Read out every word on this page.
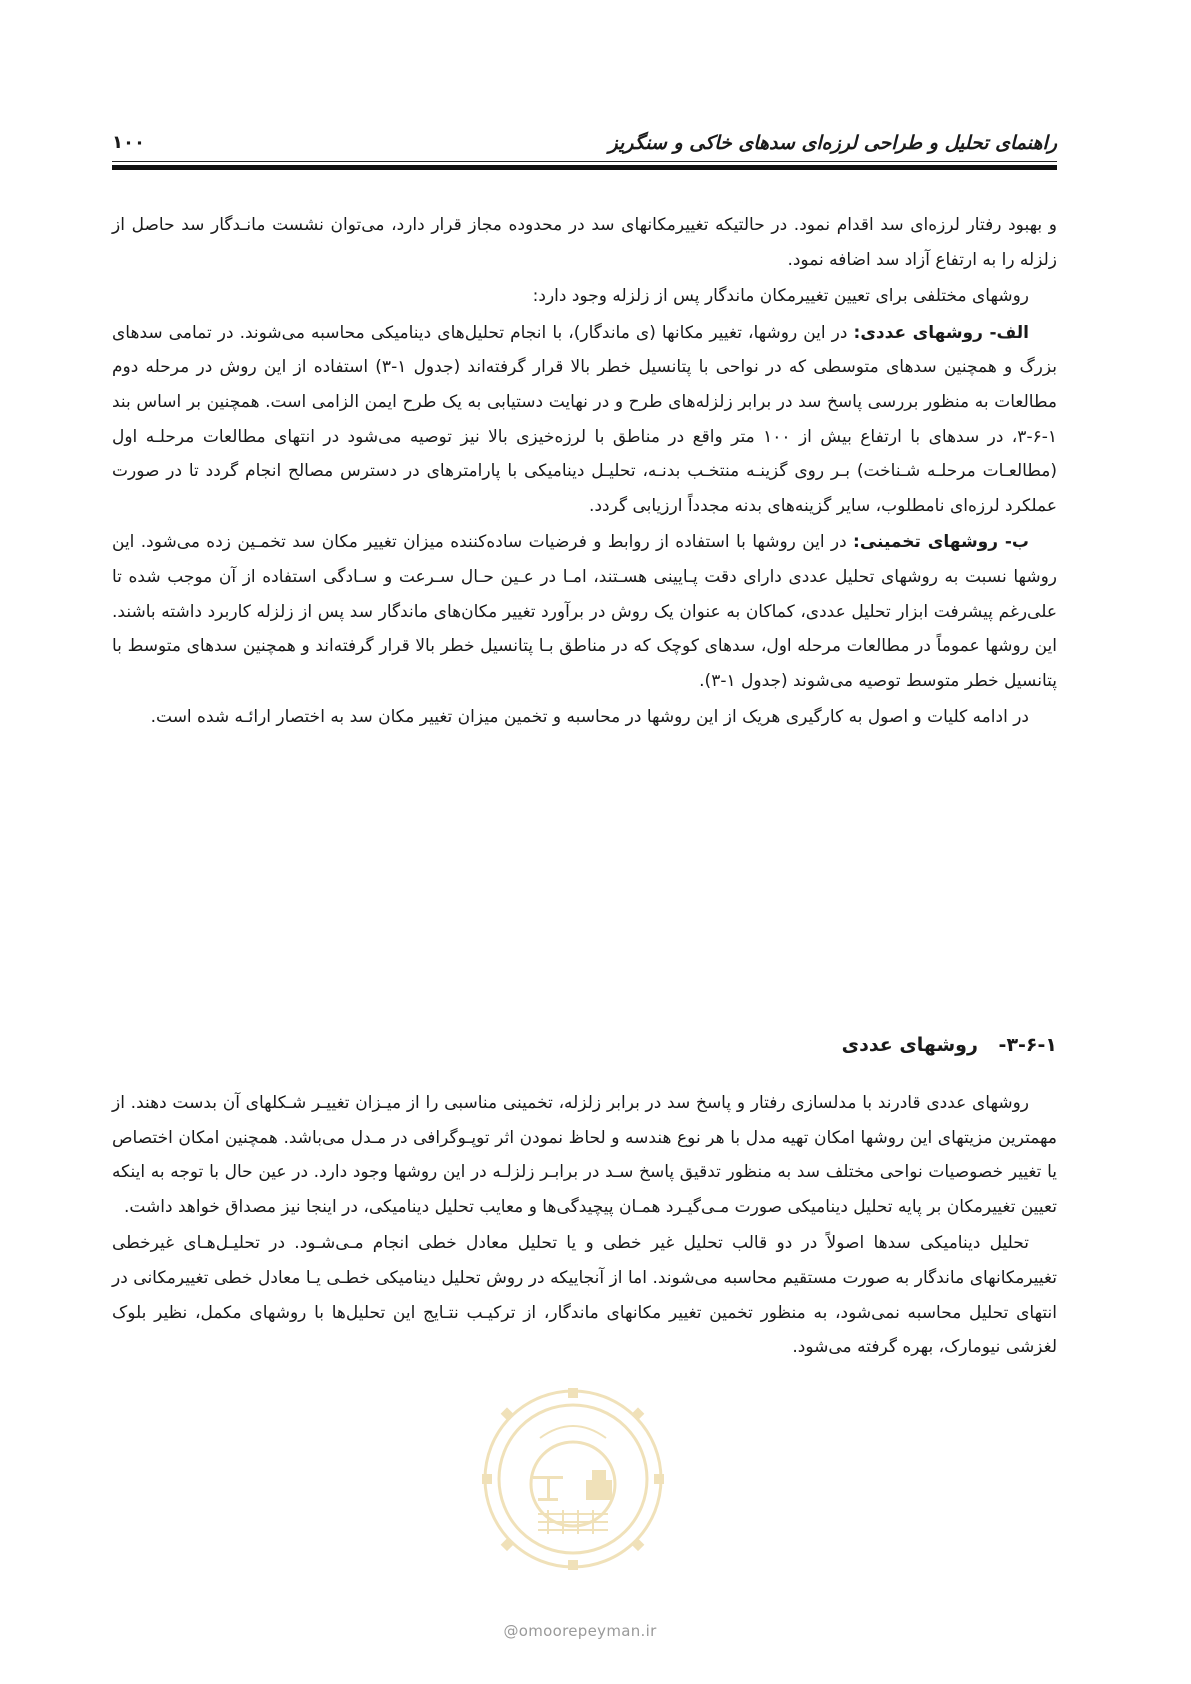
راهنمای تحلیل و طراحی لرزه‌ای سدهای خاکی و سنگریز
۱۰۰

و بهبود رفتار لرزه‌ای سد اقدام نمود. در حالتیکه تغییرمکانهای سد در محدوده مجاز قرار دارد، می‌توان نشست مانـدگار سد حاصل از زلزله را به ارتفاع آزاد سد اضافه نمود.

روشهای مختلفی برای تعیین تغییرمکان ماندگار پس از زلزله وجود دارد:

الف- روشهای عددی: در این روشها، تغییر مکانها (ی ماندگار)، با انجام تحلیل‌های دینامیکی محاسبه می‌شوند. در تمامی سدهای بزرگ و همچنین سدهای متوسطی که در نواحی با پتانسیل خطر بالا قرار گرفته‌اند (جدول ۱-۳) استفاده از این روش در مرحله دوم مطالعات به منظور بررسی پاسخ سد در برابر زلزله‌های طرح و در نهایت دستیابی به یک طرح ایمن الزامی است. همچنین بر اساس بند ۱-۶-۳، در سدهای با ارتفاع بیش از ۱۰۰ متر واقع در مناطق با لرزه‌خیزی بالا نیز توصیه می‌شود در انتهای مطالعات مرحلـه اول (مطالعـات مرحلـه شـناخت) بـر روی گزینـه منتخـب بدنـه، تحلیـل دینامیکی با پارامترهای در دسترس مصالح انجام گردد تا در صورت عملکرد لرزه‌ای نامطلوب، سایر گزینه‌های بدنه مجدداً ارزیابی گردد.

ب- روشهای تخمینی: در این روشها با استفاده از روابط و فرضیات ساده‌کننده میزان تغییر مکان سد تخمـین زده می‌شود. این روشها نسبت به روشهای تحلیل عددی دارای دقت پـایینی هسـتند، امـا در عـین حـال سـرعت و سـادگی استفاده از آن موجب شده تا علی‌رغم پیشرفت ابزار تحلیل عددی، کماکان به عنوان یک روش در برآورد تغییر مکان‌های ماندگار سد پس از زلزله کاربرد داشته باشند. این روشها عموماً در مطالعات مرحله اول، سدهای کوچک که در مناطق بـا پتانسیل خطر بالا قرار گرفته‌اند و همچنین سدهای متوسط با پتانسیل خطر متوسط توصیه می‌شوند (جدول ۱-۳).

در ادامه کلیات و اصول به کارگیری هریک از این روشها در محاسبه و تخمین میزان تغییر مکان سد به اختصار ارائـه شده است.

۳-۶-۱- روشهای عددی

روشهای عددی قادرند با مدلسازی رفتار و پاسخ سد در برابر زلزله، تخمینی مناسبی را از میـزان تغییـر شـکلهای آن بدست دهند. از مهمترین مزیتهای این روشها امکان تهیه مدل با هر نوع هندسه و لحاظ نمودن اثر توپـوگرافی در مـدل می‌باشد. همچنین امکان اختصاص یا تغییر خصوصیات نواحی مختلف سد به منظور تدقیق پاسخ سـد در برابـر زلزلـه در این روشها وجود دارد. در عین حال با توجه به اینکه تعیین تغییرمکان بر پایه تحلیل دینامیکی صورت مـی‌گیـرد همـان پیچیدگی‌ها و معایب تحلیل دینامیکی، در اینجا نیز مصداق خواهد داشت.

تحلیل دینامیکی سدها اصولاً در دو قالب تحلیل غیر خطی و یا تحلیل معادل خطی انجام مـی‌شـود. در تحلیـل‌هـای غیرخطی تغییرمکانهای ماندگار به صورت مستقیم محاسبه می‌شوند. اما از آنجاییکه در روش تحلیل دینامیکی خطـی یـا معادل خطی تغییرمکانی در انتهای تحلیل محاسبه نمی‌شود، به منظور تخمین تغییر مکانهای ماندگار، از ترکیـب نتـایج این تحلیل‌ها با روشهای مکمل، نظیر بلوک لغزشی نیومارک، بهره گرفته می‌شود.

@omoorepeyman.ir
